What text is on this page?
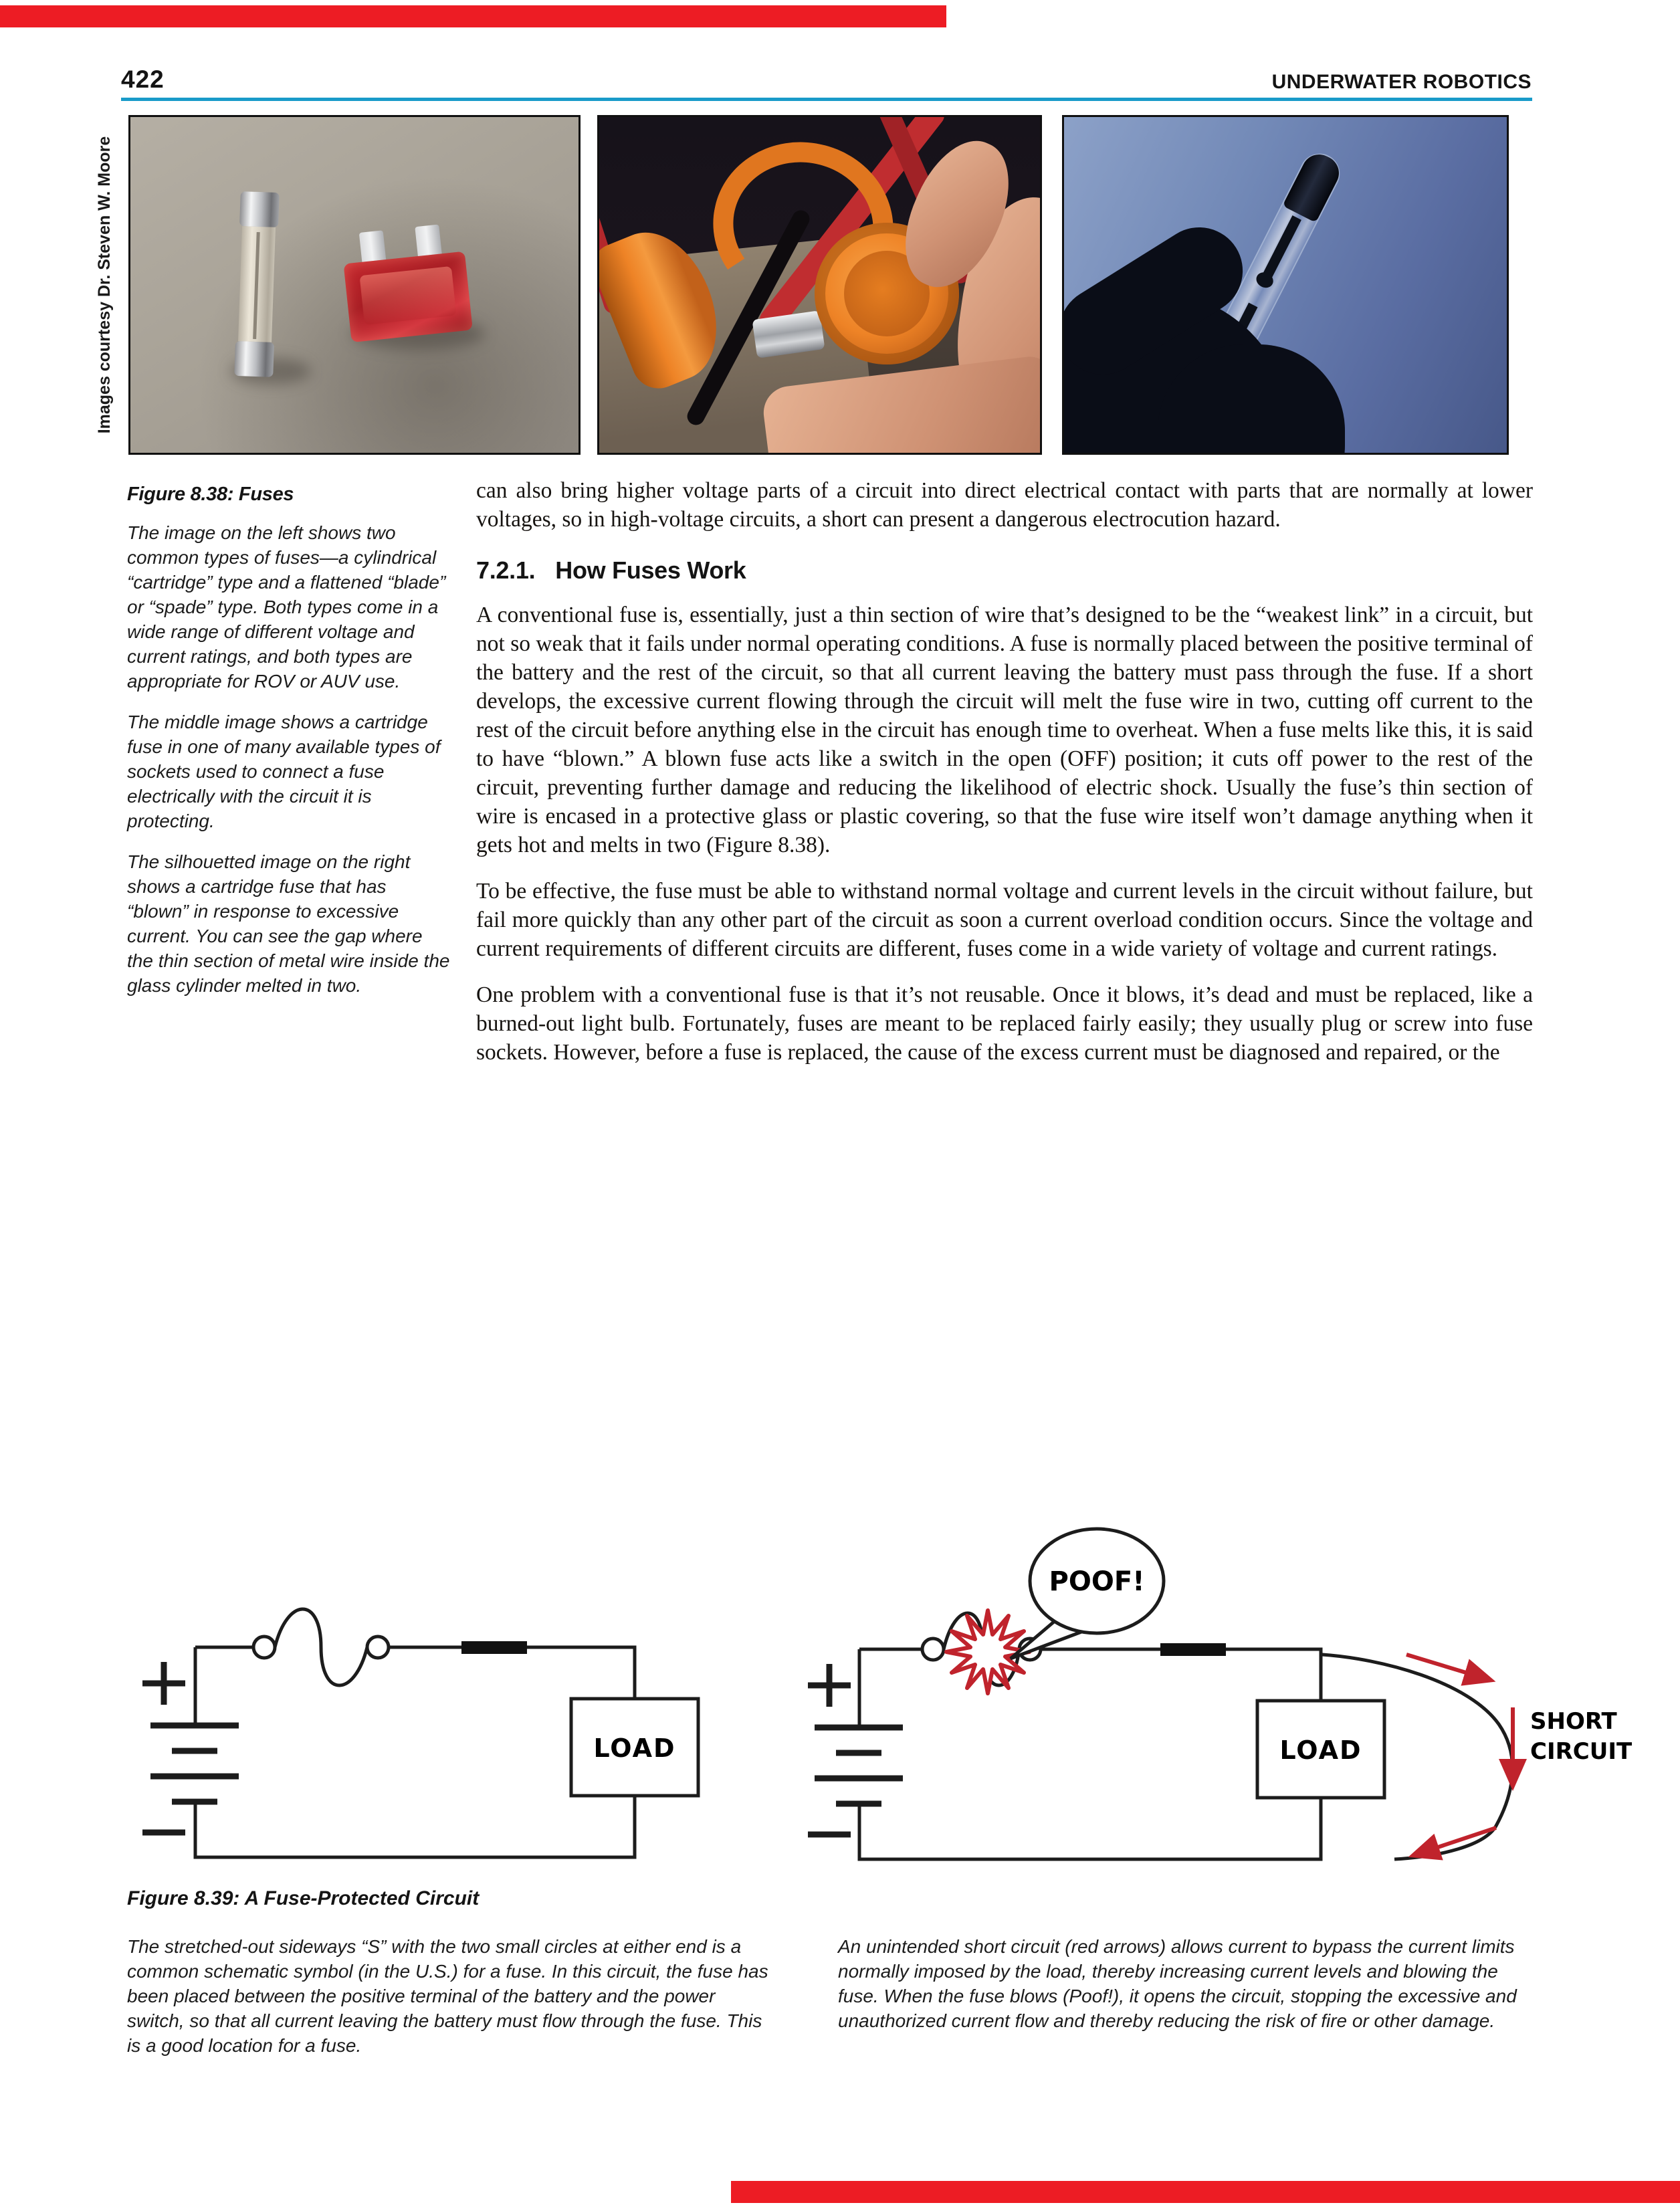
422	UNDERWATER ROBOTICS
Images courtesy Dr. Steven W. Moore
Figure 8.38: Fuses

The image on the left shows two common types of fuses—a cylindrical “cartridge” type and a flattened “blade” or “spade” type. Both types come in a wide range of different voltage and current ratings, and both types are appropriate for ROV or AUV use.

The middle image shows a cartridge fuse in one of many available types of sockets used to connect a fuse electrically with the circuit it is protecting.

The silhouetted image on the right shows a cartridge fuse that has “blown” in response to excessive current. You can see the gap where the thin section of metal wire inside the glass cylinder melted in two.

can also bring higher voltage parts of a circuit into direct electrical contact with parts that are normally at lower voltages, so in high-voltage circuits, a short can present a dangerous electrocution hazard.

7.2.1. How Fuses Work

A conventional fuse is, essentially, just a thin section of wire that’s designed to be the “weakest link” in a circuit, but not so weak that it fails under normal operating conditions. A fuse is normally placed between the positive terminal of the battery and the rest of the circuit, so that all current leaving the battery must pass through the fuse. If a short develops, the excessive current flowing through the circuit will melt the fuse wire in two, cutting off current to the rest of the circuit before anything else in the circuit has enough time to overheat. When a fuse melts like this, it is said to have “blown.” A blown fuse acts like a switch in the open (OFF) position; it cuts off power to the rest of the circuit, preventing further damage and reducing the likelihood of electric shock. Usually the fuse’s thin section of wire is encased in a protective glass or plastic covering, so that the fuse wire itself won’t damage anything when it gets hot and melts in two (Figure 8.38).

To be effective, the fuse must be able to withstand normal voltage and current levels in the circuit without failure, but fail more quickly than any other part of the circuit as soon a current overload condition occurs. Since the voltage and current requirements of different circuits are different, fuses come in a wide variety of voltage and current ratings.

One problem with a conventional fuse is that it’s not reusable. Once it blows, it’s dead and must be replaced, like a burned-out light bulb. Fortunately, fuses are meant to be replaced fairly easily; they usually plug or screw into fuse sockets. However, before a fuse is replaced, the cause of the excess current must be diagnosed and repaired, or the

LOAD	LOAD
POOF!
SHORT
CIRCUIT
Figure 8.39: A Fuse-Protected Circuit

The stretched-out sideways “S” with the two small circles at either end is a common schematic symbol (in the U.S.) for a fuse. In this circuit, the fuse has been placed between the positive terminal of the battery and the power switch, so that all current leaving the battery must flow through the fuse. This is a good location for a fuse.

An unintended short circuit (red arrows) allows current to bypass the current limits normally imposed by the load, thereby increasing current levels and blowing the fuse. When the fuse blows (Poof!), it opens the circuit, stopping the excessive and unauthorized current flow and thereby reducing the risk of fire or other damage.
